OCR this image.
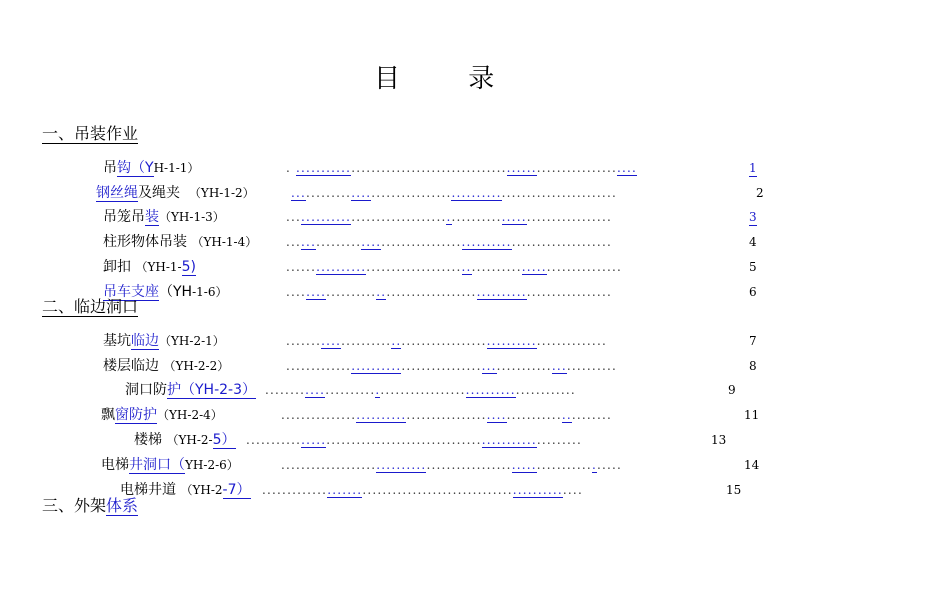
目 录
一、吊装作业
吊钩（YH-1-1）	. ....................................................................	1
钢丝绳及绳夹 （YH-1-2）	.................................................................	2
吊笼吊装（YH-1-3）	.................................................................	3
柱形物体吊装 （YH-1-4） .................................................................	4
卸扣 （YH-1-5)	...................................................................	5
吊车支座（YH-1-6）	.................................................................	6
二、临边洞口
基坑临边（YH-2-1）	................................................................	7
楼层临边 （YH-2-2）	..................................................................	8
洞口防护（YH-2-3） ..............................................................	9
飘窗防护（YH-2-4）	..................................................................	11
楼梯 （YH-2-5） ...................................................................	13
电梯井洞口（YH-2-6）	....................................................................	14
电梯井道 （YH-2-7） ................................................................	15
三、外架体系
